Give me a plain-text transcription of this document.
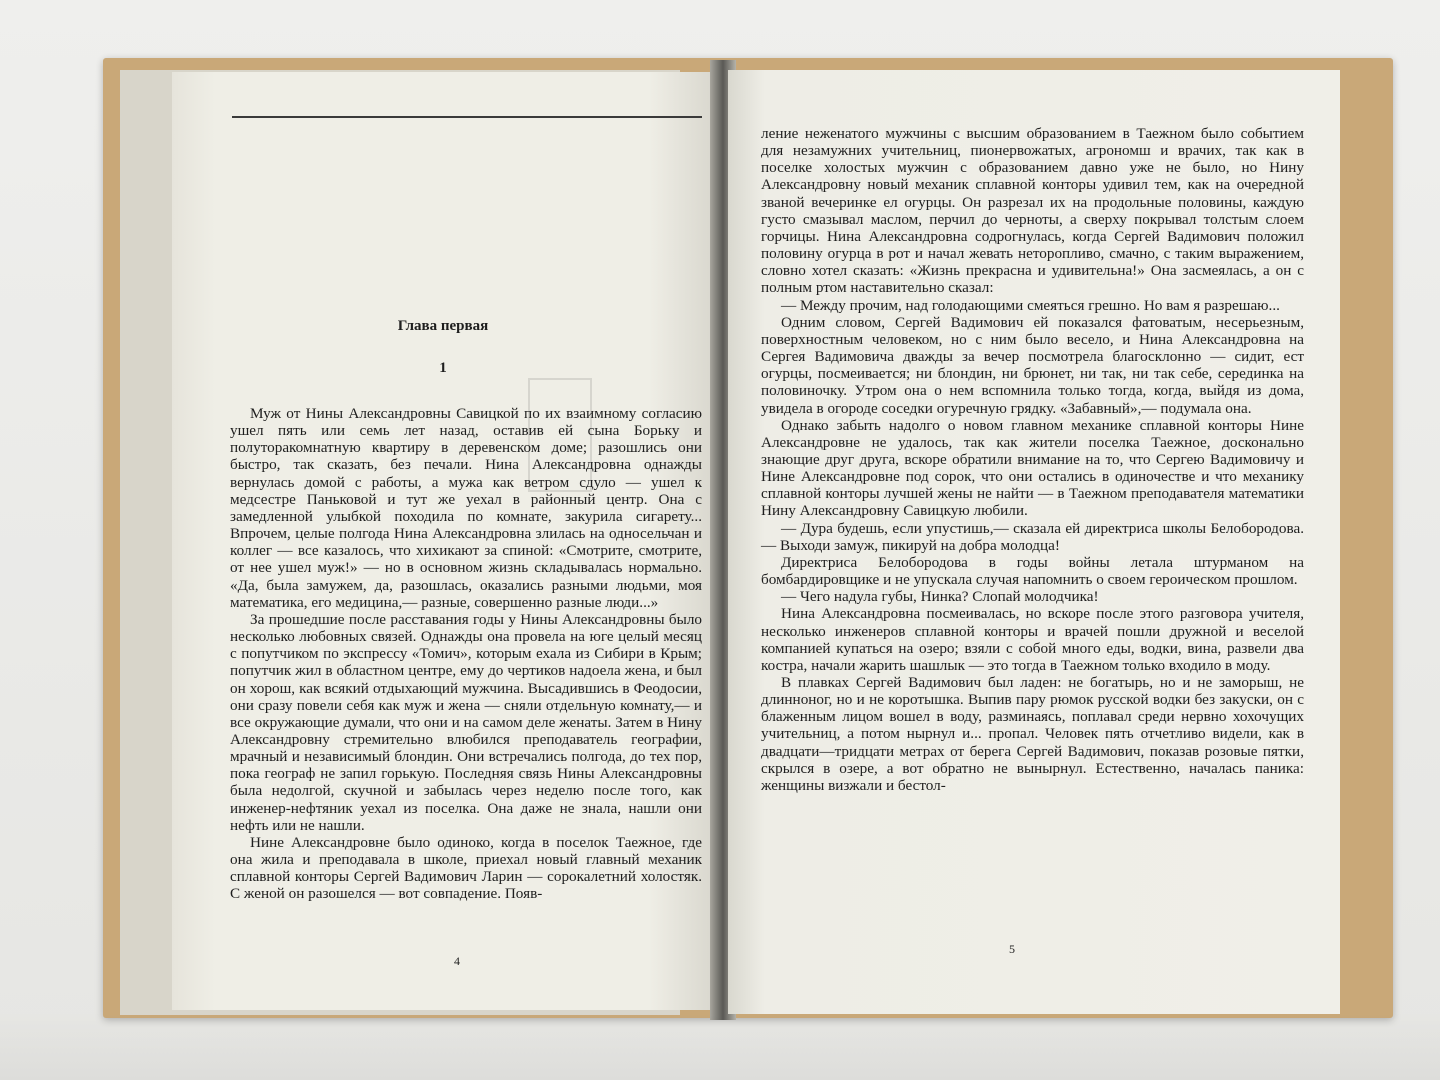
Глава первая
1

Муж от Нины Александровны Савицкой по их взаимному согласию ушел пять или семь лет назад, оставив ей сына Борьку и полуторакомнатную квартиру в деревенском доме; разошлись они быстро, так сказать, без печали. Нина Александровна однажды вернулась домой с работы, а мужа как ветром сдуло — ушел к медсестре Паньковой и тут же уехал в районный центр. Она с замедленной улыбкой походила по комнате, закурила сигарету... Впрочем, целые полгода Нина Александровна злилась на односельчан и коллег — все казалось, что хихикают за спиной: «Смотрите, смотрите, от нее ушел муж!» — но в основном жизнь складывалась нормально. «Да, была замужем, да, разошлась, оказались разными людьми, моя математика, его медицина,— разные, совершенно разные люди...»

За прошедшие после расставания годы у Нины Александровны было несколько любовных связей. Однажды она провела на юге целый месяц с попутчиком по экспрессу «Томич», которым ехала из Сибири в Крым; попутчик жил в областном центре, ему до чертиков надоела жена, и был он хорош, как всякий отдыхающий мужчина. Высадившись в Феодосии, они сразу повели себя как муж и жена — сняли отдельную комнату,— и все окружающие думали, что они и на самом деле женаты. Затем в Нину Александровну стремительно влюбился преподаватель географии, мрачный и независимый блондин. Они встречались полгода, до тех пор, пока географ не запил горькую. Последняя связь Нины Александровны была недолгой, скучной и забылась через неделю после того, как инженер-нефтяник уехал из поселка. Она даже не знала, нашли они нефть или не нашли.

Нине Александровне было одиноко, когда в поселок Таежное, где она жила и преподавала в школе, приехал новый главный механик сплавной конторы Сергей Вадимович Ларин — сорокалетний холостяк. С женой он разошелся — вот совпадение. Появ-

4

ление неженатого мужчины с высшим образованием в Таежном было событием для незамужних учительниц, пионервожатых, агрономш и врачих, так как в поселке холостых мужчин с образованием давно уже не было, но Нину Александровну новый механик сплавной конторы удивил тем, как на очередной званой вечеринке ел огурцы. Он разрезал их на продольные половины, каждую густо смазывал маслом, перчил до черноты, а сверху покрывал толстым слоем горчицы. Нина Александровна содрогнулась, когда Сергей Вадимович положил половину огурца в рот и начал жевать неторопливо, смачно, с таким выражением, словно хотел сказать: «Жизнь прекрасна и удивительна!» Она засмеялась, а он с полным ртом наставительно сказал:

— Между прочим, над голодающими смеяться грешно. Но вам я разрешаю...

Одним словом, Сергей Вадимович ей показался фатоватым, несерьезным, поверхностным человеком, но с ним было весело, и Нина Александровна на Сергея Вадимовича дважды за вечер посмотрела благосклонно — сидит, ест огурцы, посмеивается; ни блондин, ни брюнет, ни так, ни так себе, серединка на половиночку. Утром она о нем вспомнила только тогда, когда, выйдя из дома, увидела в огороде соседки огуречную грядку. «Забавный»,— подумала она.

Однако забыть надолго о новом главном механике сплавной конторы Нине Александровне не удалось, так как жители поселка Таежное, досконально знающие друг друга, вскоре обратили внимание на то, что Сергею Вадимовичу и Нине Александровне под сорок, что они остались в одиночестве и что механику сплавной конторы лучшей жены не найти — в Таежном преподавателя математики Нину Александровну Савицкую любили.

— Дура будешь, если упустишь,— сказала ей директриса школы Белобородова.— Выходи замуж, пикируй на добра молодца!

Директриса Белобородова в годы войны летала штурманом на бомбардировщике и не упускала случая напомнить о своем героическом прошлом.

— Чего надула губы, Нинка? Слопай молодчика!

Нина Александровна посмеивалась, но вскоре после этого разговора учителя, несколько инженеров сплавной конторы и врачей пошли дружной и веселой компанией купаться на озеро; взяли с собой много еды, водки, вина, развели два костра, начали жарить шашлык — это тогда в Таежном только входило в моду.

В плавках Сергей Вадимович был ладен: не богатырь, но и не заморыш, не длинноног, но и не коротышка. Выпив пару рюмок русской водки без закуски, он с блаженным лицом вошел в воду, разминаясь, поплавал среди нервно хохочущих учительниц, а потом нырнул и... пропал. Человек пять отчетливо видели, как в двадцати—тридцати метрах от берега Сергей Вадимович, показав розовые пятки, скрылся в озере, а вот обратно не вынырнул. Естественно, началась паника: женщины визжали и бестол-

5
